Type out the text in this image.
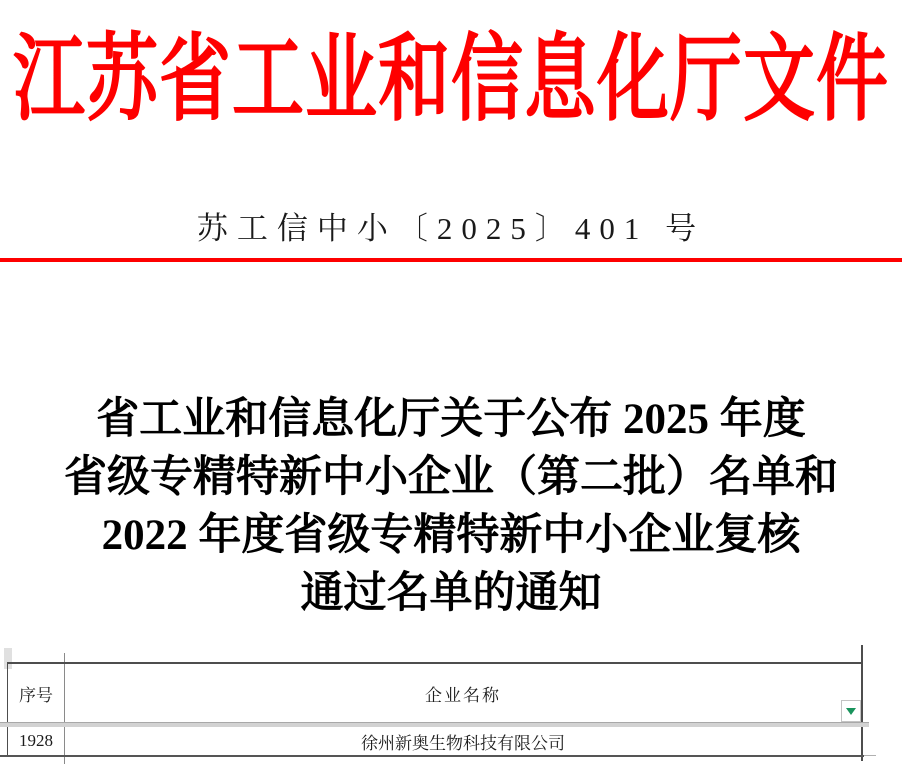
江苏省工业和信息化厅文件
苏工信中小〔2025〕401 号
省工业和信息化厅关于公布 2025 年度
省级专精特新中小企业（第二批）名单和
2022 年度省级专精特新中小企业复核
通过名单的通知
序号	企业名称
1928	徐州新奥生物科技有限公司
